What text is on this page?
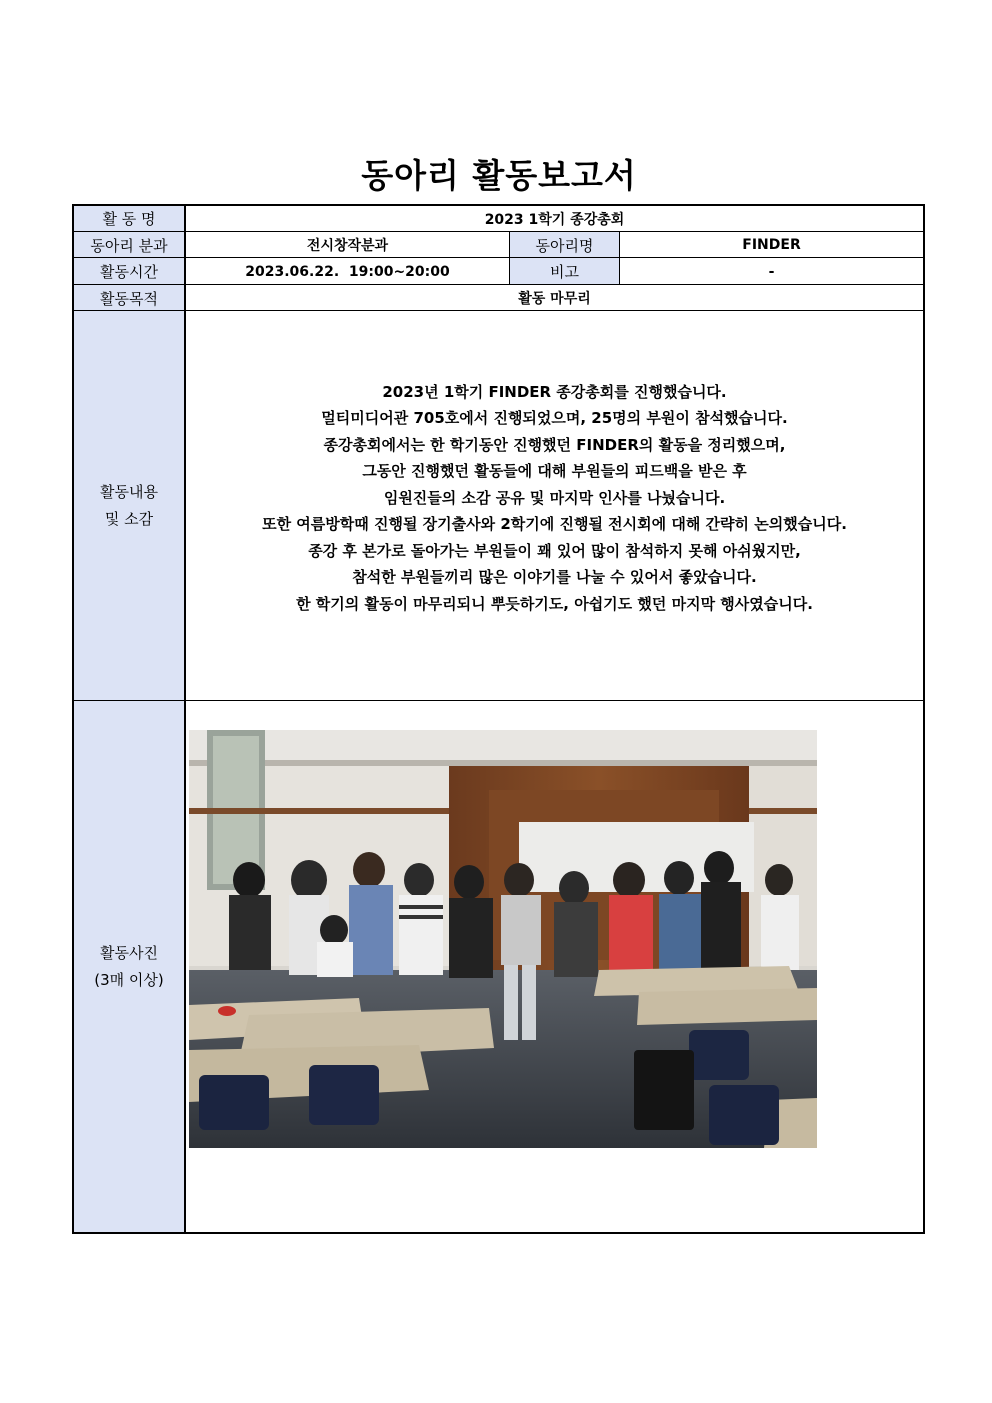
동아리 활동보고서
활 동 명	2023 1학기 종강총회
동아리 분과	전시창작분과	동아리명	FINDER
활동시간	2023.06.22.  19:00~20:00	비고	-
활동목적	활동 마무리
활동내용
및 소감
2023년 1학기 FINDER 종강총회를 진행했습니다.
멀티미디어관 705호에서 진행되었으며, 25명의 부원이 참석했습니다.
종강총회에서는 한 학기동안 진행했던 FINDER의 활동을 정리했으며,
그동안 진행했던 활동들에 대해 부원들의 피드백을 받은 후
임원진들의 소감 공유 및 마지막 인사를 나눴습니다.
또한 여름방학때 진행될 장기출사와 2학기에 진행될 전시회에 대해 간략히 논의했습니다.
종강 후 본가로 돌아가는 부원들이 꽤 있어 많이 참석하지 못해 아쉬웠지만,
참석한 부원들끼리 많은 이야기를 나눌 수 있어서 좋았습니다.
한 학기의 활동이 마무리되니 뿌듯하기도, 아쉽기도 했던 마지막 행사였습니다.
활동사진
(3매 이상)
